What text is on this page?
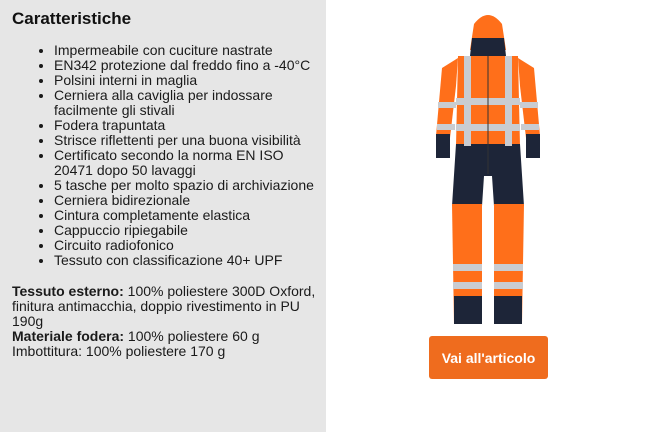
Caratteristiche
• Impermeabile con cuciture nastrate
• EN342 protezione dal freddo fino a -40°C
• Polsini interni in maglia
• Cerniera alla caviglia per indossare facilmente gli stivali
• Fodera trapuntata
• Strisce riflettenti per una buona visibilità
• Certificato secondo la norma EN ISO 20471 dopo 50 lavaggi
• 5 tasche per molto spazio di archiviazione
• Cerniera bidirezionale
• Cintura completamente elastica
• Cappuccio ripiegabile
• Circuito radiofonico
• Tessuto con classificazione 40+ UPF
Tessuto esterno: 100% poliestere 300D Oxford, finitura antimacchia, doppio rivestimento in PU 190g
Materiale fodera: 100% poliestere 60 g
Imbottitura: 100% poliestere 170 g	Vai all'articolo
